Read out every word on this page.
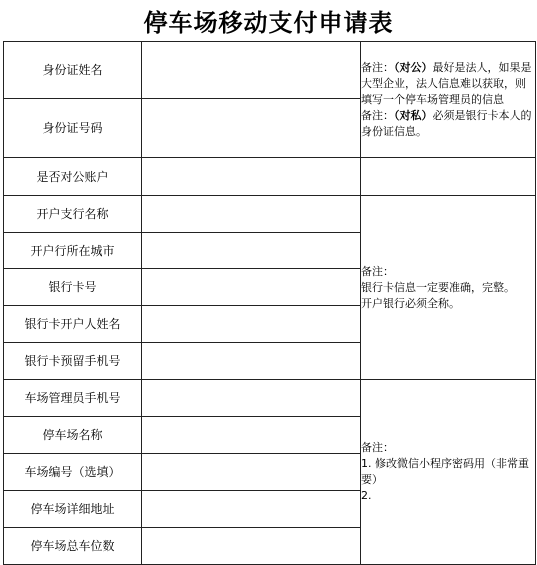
停车场移动支付申请表
身份证姓名		备注：（对公）最好是法人，如果是大型企业，法人信息难以获取，则填写一个停车场管理员的信息
备注：（对私）必须是银行卡本人的身份证信息。

身份证号码		
是否对公账户		
开户支行名称		备注：
银行卡信息一定要准确，完整。
开户银行必须全称。

开户行所在城市		
银行卡号		
银行卡开户人姓名		
银行卡预留手机号		
车场管理员手机号		备注：
1. 修改微信小程序密码用（非常重要）
2.

停车场名称		
车场编号（选填）		
停车场详细地址		
停车场总车位数		
